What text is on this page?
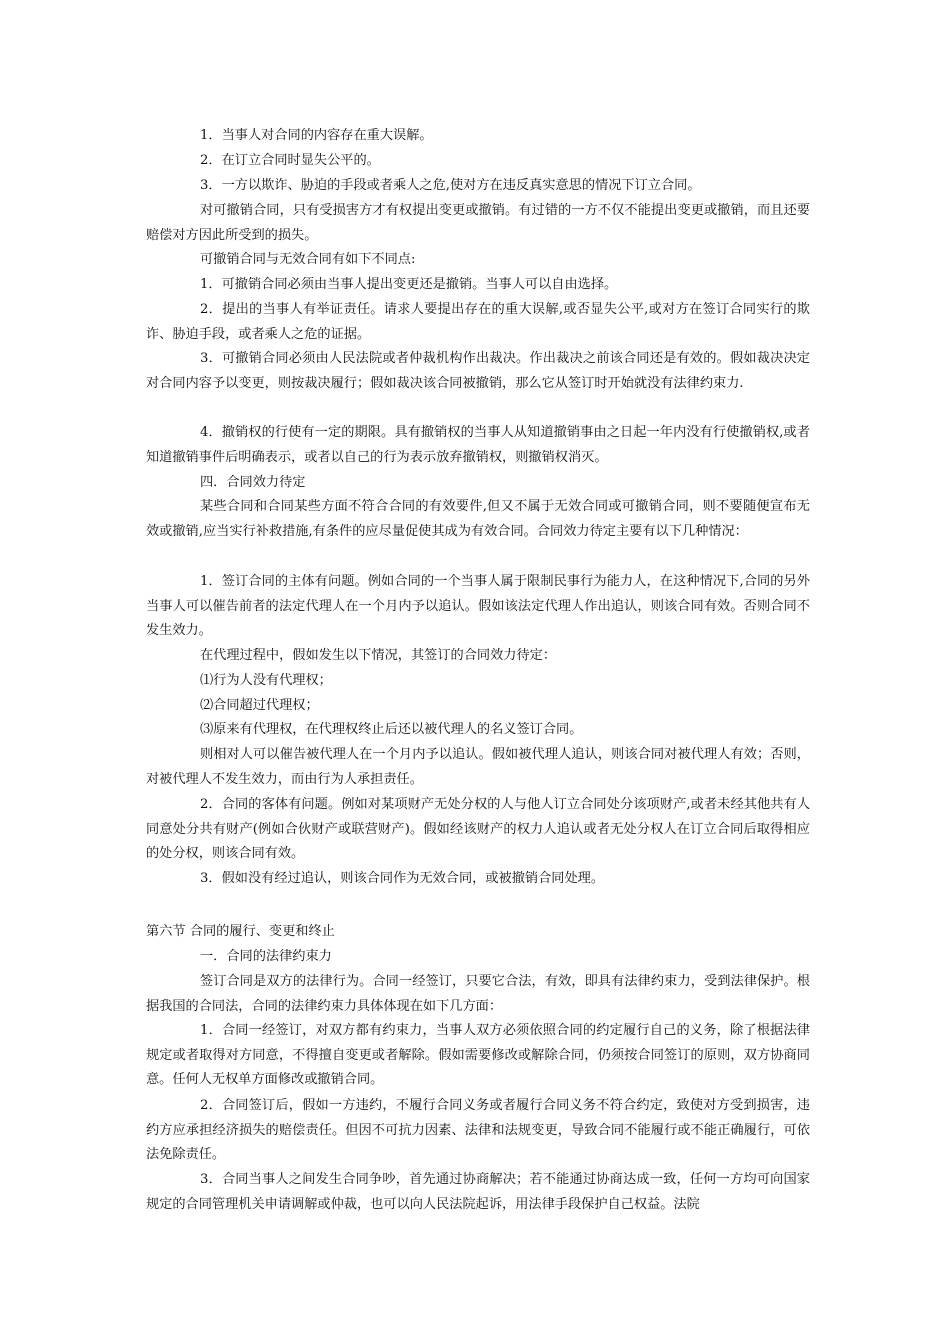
1．当事人对合同的内容存在重大误解。
2．在订立合同时显失公平的。
3．一方以欺诈、胁迫的手段或者乘人之危,使对方在违反真实意思的情况下订立合同。
对可撤销合同，只有受损害方才有权提出变更或撤销。有过错的一方不仅不能提出变更或撤销，而且还要赔偿对方因此所受到的损失。
可撤销合同与无效合同有如下不同点:
1．可撤销合同必须由当事人提出变更还是撤销。当事人可以自由选择。
2．提出的当事人有举证责任。请求人要提出存在的重大误解,或否显失公平,或对方在签订合同实行的欺诈、胁迫手段，或者乘人之危的证据。
3．可撤销合同必须由人民法院或者仲裁机构作出裁决。作出裁决之前该合同还是有效的。假如裁决决定对合同内容予以变更，则按裁决履行；假如裁决该合同被撤销，那么它从签订时开始就没有法律约束力.
4．撤销权的行使有一定的期限。具有撤销权的当事人从知道撤销事由之日起一年内没有行使撤销权,或者知道撤销事件后明确表示，或者以自己的行为表示放弃撤销权，则撤销权消灭。
四．合同效力待定
某些合同和合同某些方面不符合合同的有效要件,但又不属于无效合同或可撤销合同，则不要随便宣布无效或撤销,应当实行补救措施,有条件的应尽量促使其成为有效合同。合同效力待定主要有以下几种情况：
1．签订合同的主体有问题。例如合同的一个当事人属于限制民事行为能力人，在这种情况下,合同的另外当事人可以催告前者的法定代理人在一个月内予以追认。假如该法定代理人作出追认，则该合同有效。否则合同不发生效力。
在代理过程中，假如发生以下情况，其签订的合同效力待定：
⑴行为人没有代理权；
⑵合同超过代理权；
⑶原来有代理权，在代理权终止后还以被代理人的名义签订合同。
则相对人可以催告被代理人在一个月内予以追认。假如被代理人追认，则该合同对被代理人有效；否则，对被代理人不发生效力，而由行为人承担责任。
2．合同的客体有问题。例如对某项财产无处分权的人与他人订立合同处分该项财产,或者未经其他共有人同意处分共有财产(例如合伙财产或联营财产)。假如经该财产的权力人追认或者无处分权人在订立合同后取得相应的处分权，则该合同有效。
3．假如没有经过追认，则该合同作为无效合同，或被撤销合同处理。
第六节 合同的履行、变更和终止
一．合同的法律约束力
签订合同是双方的法律行为。合同一经签订，只要它合法，有效，即具有法律约束力，受到法律保护。根据我国的合同法，合同的法律约束力具体体现在如下几方面：
1．合同一经签订，对双方都有约束力，当事人双方必须依照合同的约定履行自己的义务，除了根据法律规定或者取得对方同意，不得擅自变更或者解除。假如需要修改或解除合同，仍须按合同签订的原则，双方协商同意。任何人无权单方面修改或撤销合同。
2．合同签订后，假如一方违约，不履行合同义务或者履行合同义务不符合约定，致使对方受到损害，违约方应承担经济损失的赔偿责任。但因不可抗力因素、法律和法规变更，导致合同不能履行或不能正确履行，可依法免除责任。
3．合同当事人之间发生合同争吵，首先通过协商解决；若不能通过协商达成一致，任何一方均可向国家规定的合同管理机关申请调解或仲裁，也可以向人民法院起诉，用法律手段保护自己权益。法院
